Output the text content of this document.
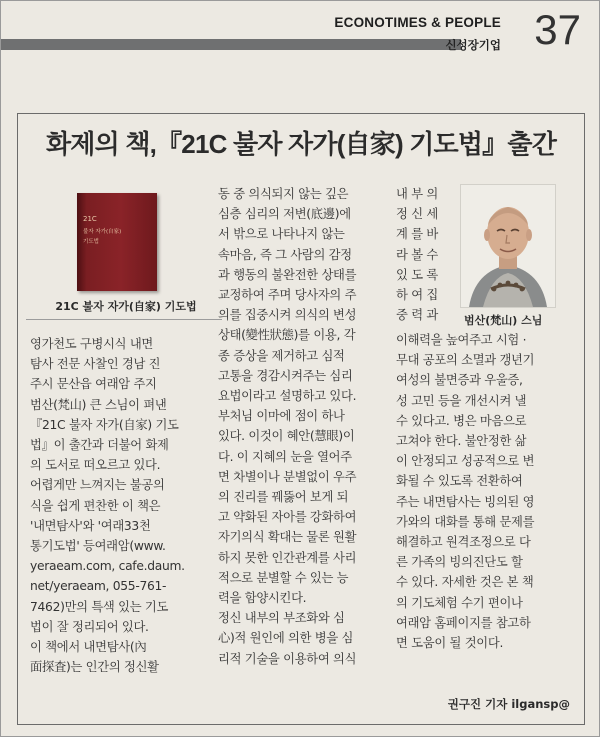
ECONOTIMES & PEOPLE 37
신성장기업
화제의 책,『21C 불자 자가(自家) 기도법』출간
21C
불자 자가(自家)
기도법
21C 불자 자가(自家) 기도법
범산(梵山) 스님

영가천도 구병시식 내면
탐사 전문 사찰인 경남 진
주시 문산읍 여래암 주지
범산(梵山) 큰 스님이 펴낸
『21C 불자 자가(自家) 기도
법』이 출간과 더불어 화제
의 도서로 떠오르고 있다.
어렵게만 느껴지는 불공의
식을 쉽게 편찬한 이 책은
'내면탐사'와 '여래33천
통기도법' 등여래암(www.
yeraeam.com, cafe.daum.
net/yeraeam, 055-761-
7462)만의 특색 있는 기도
법이 잘 정리되어 있다.
이 책에서 내면탐사(內
面探査)는 인간의 정신활

동 중 의식되지 않는 깊은
심층 심리의 저변(底邊)에
서 밖으로 나타나지 않는
속마음, 즉 그 사람의 감정
과 행동의 불완전한 상태를
교정하여 주며 당사자의 주
의를 집중시켜 의식의 변성
상태(變性狀態)를 이용, 각
종 증상을 제거하고 심적
고통을 경감시켜주는 심리
요법이라고 설명하고 있다.
부처님 이마에 점이 하나
있다. 이것이 혜안(慧眼)이
다. 이 지혜의 눈을 열어주
면 차별이나 분별없이 우주
의 진리를 꿰뚫어 보게 되
고 약화된 자아를 강화하여
자기의식 확대는 물론 원활
하지 못한 인간관계를 사리
적으로 분별할 수 있는 능
력을 함양시킨다.
정신 내부의 부조화와 심
心)적 원인에 의한 병을 심
리적 기술을 이용하여 의식

내 부 의
정 신 세
계 를 바
라 볼 수
있 도 록
하 여 집
중 력 과

이해력을 높여주고 시험 ·
무대 공포의 소멸과 갱년기
여성의 불면증과 우울증,
성 고민 등을 개선시켜 낼
수 있다고. 병은 마음으로
고쳐야 한다. 불안정한 삶
이 안정되고 성공적으로 변
화될 수 있도록 전환하여
주는 내면탐사는 빙의된 영
가와의 대화를 통해 문제를
해결하고 원격조정으로 다
른 가족의 빙의진단도 할
수 있다. 자세한 것은 본 책
의 기도체험 수기 편이나
여래암 홈페이지를 참고하
면 도움이 될 것이다.

권구진 기자 ilgansp@
